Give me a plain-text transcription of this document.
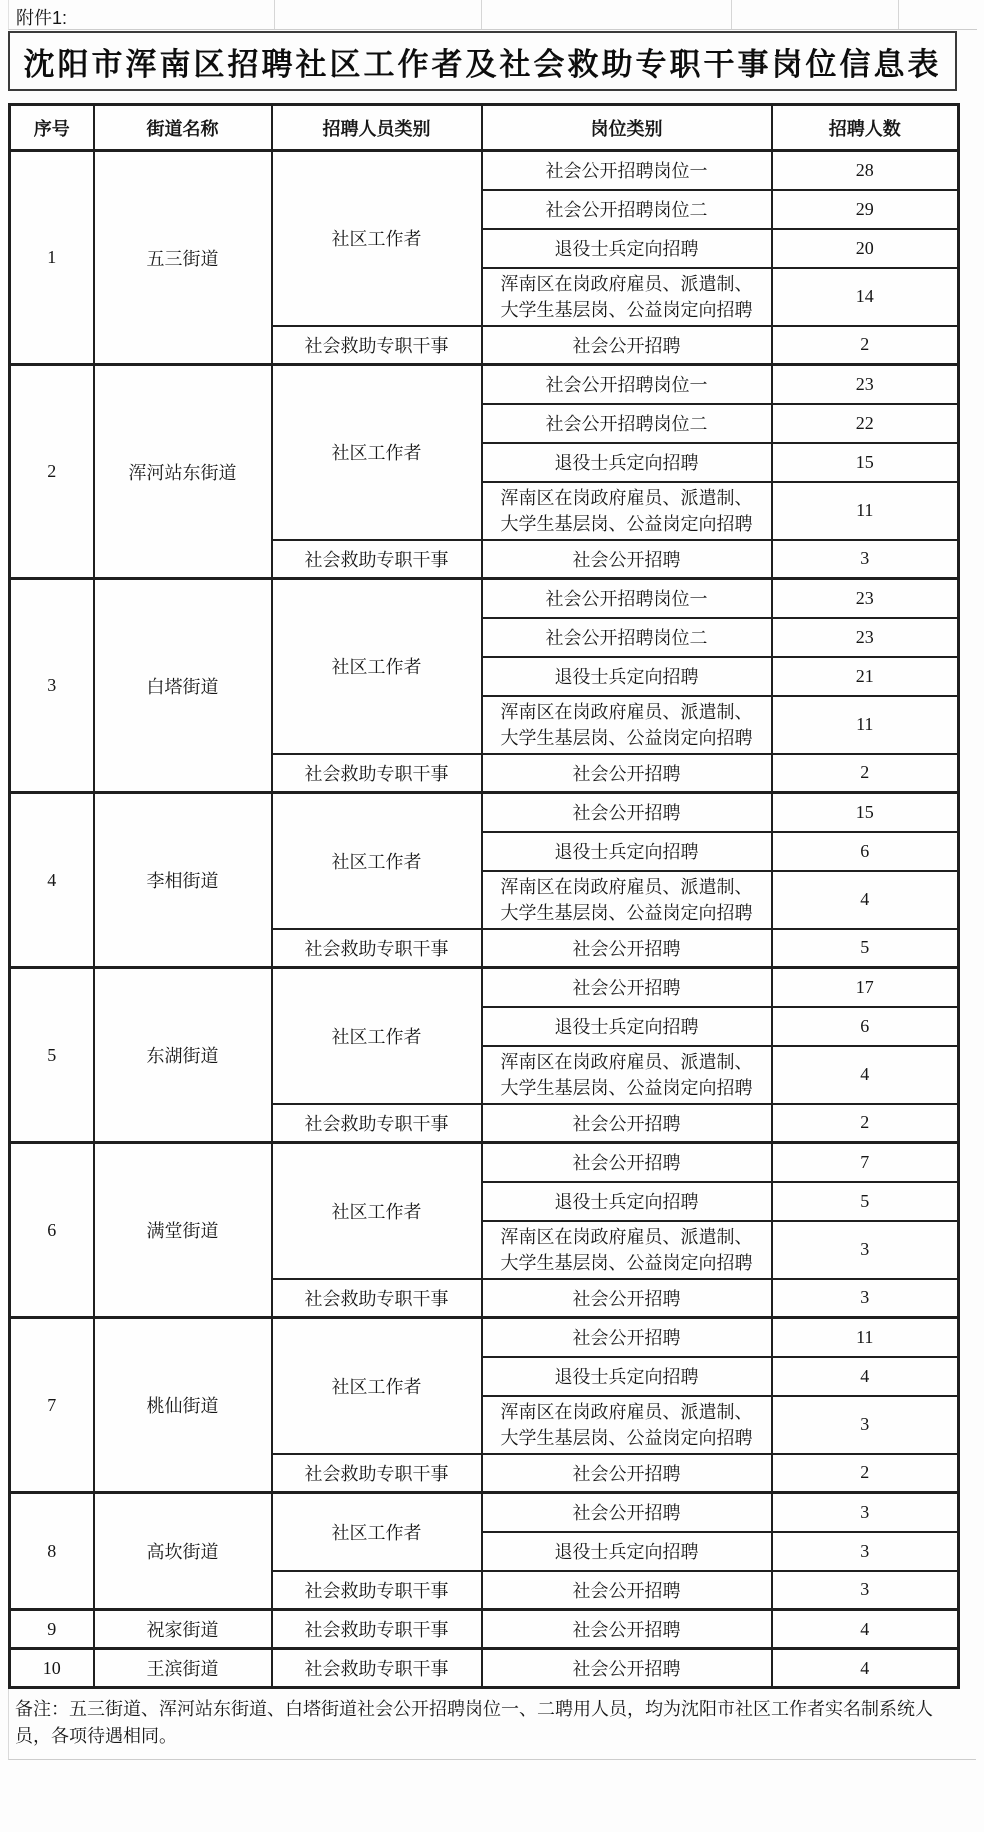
附件1:
沈阳市浑南区招聘社区工作者及社会救助专职干事岗位信息表
序号	街道名称	招聘人员类别	岗位类别	招聘人数
1	五三街道	社区工作者	社会公开招聘岗位一	28
			社会公开招聘岗位二	29
			退役士兵定向招聘	20
			浑南区在岗政府雇员、派遣制、大学生基层岗、公益岗定向招聘	14
		社会救助专职干事	社会公开招聘	2
2	浑河站东街道	社区工作者	社会公开招聘岗位一	23
			社会公开招聘岗位二	22
			退役士兵定向招聘	15
			浑南区在岗政府雇员、派遣制、大学生基层岗、公益岗定向招聘	11
		社会救助专职干事	社会公开招聘	3
3	白塔街道	社区工作者	社会公开招聘岗位一	23
			社会公开招聘岗位二	23
			退役士兵定向招聘	21
			浑南区在岗政府雇员、派遣制、大学生基层岗、公益岗定向招聘	11
		社会救助专职干事	社会公开招聘	2
4	李相街道	社区工作者	社会公开招聘	15
			退役士兵定向招聘	6
			浑南区在岗政府雇员、派遣制、大学生基层岗、公益岗定向招聘	4
		社会救助专职干事	社会公开招聘	5
5	东湖街道	社区工作者	社会公开招聘	17
			退役士兵定向招聘	6
			浑南区在岗政府雇员、派遣制、大学生基层岗、公益岗定向招聘	4
		社会救助专职干事	社会公开招聘	2
6	满堂街道	社区工作者	社会公开招聘	7
			退役士兵定向招聘	5
			浑南区在岗政府雇员、派遣制、大学生基层岗、公益岗定向招聘	3
		社会救助专职干事	社会公开招聘	3
7	桃仙街道	社区工作者	社会公开招聘	11
			退役士兵定向招聘	4
			浑南区在岗政府雇员、派遣制、大学生基层岗、公益岗定向招聘	3
		社会救助专职干事	社会公开招聘	2
8	高坎街道	社区工作者	社会公开招聘	3
			退役士兵定向招聘	3
		社会救助专职干事	社会公开招聘	3
9	祝家街道	社会救助专职干事	社会公开招聘	4
10	王滨街道	社会救助专职干事	社会公开招聘	4
备注：五三街道、浑河站东街道、白塔街道社会公开招聘岗位一、二聘用人员，均为沈阳市社区工作者实名制系统人员，各项待遇相同。
